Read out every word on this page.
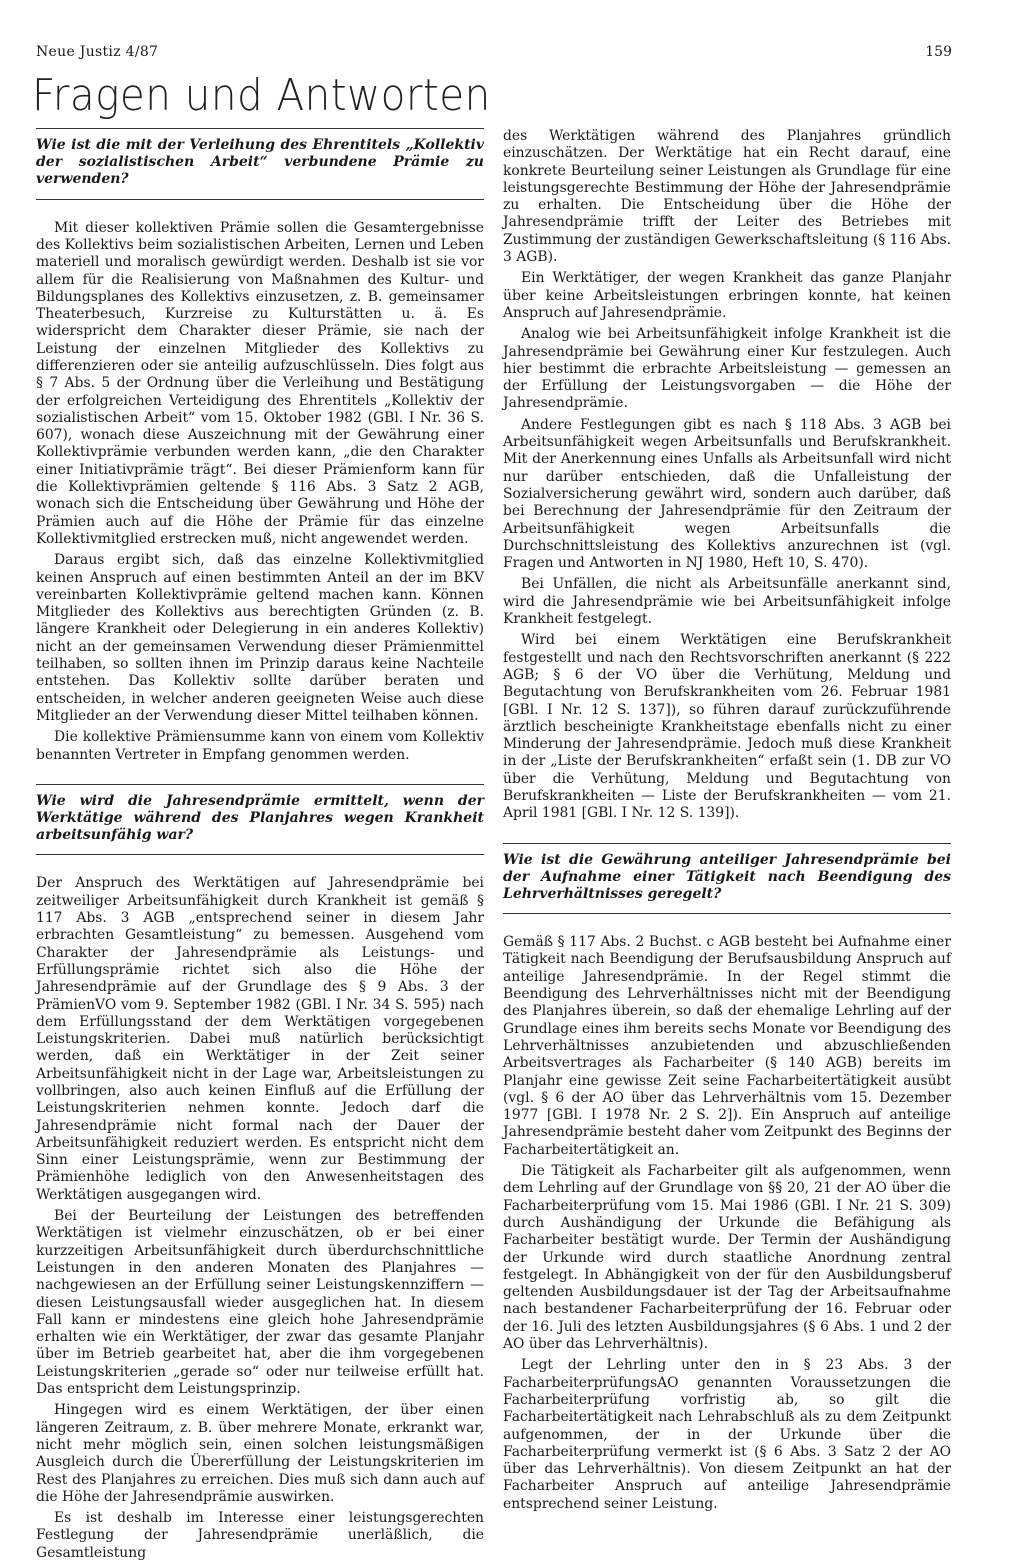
Neue Justiz 4/87	159
Fragen und Antworten
Wie ist die mit der Verleihung des Ehrentitels „Kollektiv der sozialistischen Arbeit“ verbundene Prämie zu verwenden?

Mit dieser kollektiven Prämie sollen die Gesamtergebnisse des Kollektivs beim sozialistischen Arbeiten, Lernen und Leben materiell und moralisch gewürdigt werden. Deshalb ist sie vor allem für die Realisierung von Maßnahmen des Kultur- und Bildungsplanes des Kollektivs einzusetzen, z. B. gemeinsamer Theaterbesuch, Kurzreise zu Kulturstätten u. ä. Es widerspricht dem Charakter dieser Prämie, sie nach der Leistung der einzelnen Mitglieder des Kollektivs zu differenzieren oder sie anteilig aufzuschlüsseln. Dies folgt aus § 7 Abs. 5 der Ordnung über die Verleihung und Bestätigung der erfolgreichen Verteidigung des Ehrentitels „Kollektiv der sozialistischen Arbeit“ vom 15. Oktober 1982 (GBl. I Nr. 36 S. 607), wonach diese Auszeichnung mit der Gewährung einer Kollektivprämie verbunden werden kann, „die den Charakter einer Initiativprämie trägt“. Bei dieser Prämienform kann für die Kollektivprämien geltende § 116 Abs. 3 Satz 2 AGB, wonach sich die Entscheidung über Gewährung und Höhe der Prämien auch auf die Höhe der Prämie für das einzelne Kollektivmitglied erstrecken muß, nicht angewendet werden.

Daraus ergibt sich, daß das einzelne Kollektivmitglied keinen Anspruch auf einen bestimmten Anteil an der im BKV vereinbarten Kollektivprämie geltend machen kann. Können Mitglieder des Kollektivs aus berechtigten Gründen (z. B. längere Krankheit oder Delegierung in ein anderes Kollektiv) nicht an der gemeinsamen Verwendung dieser Prämienmittel teilhaben, so sollten ihnen im Prinzip daraus keine Nachteile entstehen. Das Kollektiv sollte darüber beraten und entscheiden, in welcher anderen geeigneten Weise auch diese Mitglieder an der Verwendung dieser Mittel teilhaben können.

Die kollektive Prämiensumme kann von einem vom Kollektiv benannten Vertreter in Empfang genommen werden.

Wie wird die Jahresendprämie ermittelt, wenn der Werktätige während des Planjahres wegen Krankheit arbeitsunfähig war?

Der Anspruch des Werktätigen auf Jahresendprämie bei zeitweiliger Arbeitsunfähigkeit durch Krankheit ist gemäß § 117 Abs. 3 AGB „entsprechend seiner in diesem Jahr erbrachten Gesamtleistung“ zu bemessen. Ausgehend vom Charakter der Jahresendprämie als Leistungs- und Erfüllungsprämie richtet sich also die Höhe der Jahresendprämie auf der Grundlage des § 9 Abs. 3 der PrämienVO vom 9. September 1982 (GBl. I Nr. 34 S. 595) nach dem Erfüllungsstand der dem Werktätigen vorgegebenen Leistungskriterien. Dabei muß natürlich berücksichtigt werden, daß ein Werktätiger in der Zeit seiner Arbeitsunfähigkeit nicht in der Lage war, Arbeitsleistungen zu vollbringen, also auch keinen Einfluß auf die Erfüllung der Leistungskriterien nehmen konnte. Jedoch darf die Jahresendprämie nicht formal nach der Dauer der Arbeitsunfähigkeit reduziert werden. Es entspricht nicht dem Sinn einer Leistungsprämie, wenn zur Bestimmung der Prämienhöhe lediglich von den Anwesenheitstagen des Werktätigen ausgegangen wird.

Bei der Beurteilung der Leistungen des betreffenden Werktätigen ist vielmehr einzuschätzen, ob er bei einer kurzzeitigen Arbeitsunfähigkeit durch überdurchschnittliche Leistungen in den anderen Monaten des Planjahres — nachgewiesen an der Erfüllung seiner Leistungskennziffern — diesen Leistungsausfall wieder ausgeglichen hat. In diesem Fall kann er mindestens eine gleich hohe Jahresendprämie erhalten wie ein Werktätiger, der zwar das gesamte Planjahr über im Betrieb gearbeitet hat, aber die ihm vorgegebenen Leistungskriterien „gerade so“ oder nur teilweise erfüllt hat. Das entspricht dem Leistungsprinzip.

Hingegen wird es einem Werktätigen, der über einen längeren Zeitraum, z. B. über mehrere Monate, erkrankt war, nicht mehr möglich sein, einen solchen leistungsmäßigen Ausgleich durch die Übererfüllung der Leistungskriterien im Rest des Planjahres zu erreichen. Dies muß sich dann auch auf die Höhe der Jahresendprämie auswirken.

Es ist deshalb im Interesse einer leistungsgerechten Festlegung der Jahresendprämie unerläßlich, die Gesamtleistung

des Werktätigen während des Planjahres gründlich einzuschätzen. Der Werktätige hat ein Recht darauf, eine konkrete Beurteilung seiner Leistungen als Grundlage für eine leistungsgerechte Bestimmung der Höhe der Jahresendprämie zu erhalten. Die Entscheidung über die Höhe der Jahresendprämie trifft der Leiter des Betriebes mit Zustimmung der zuständigen Gewerkschaftsleitung (§ 116 Abs. 3 AGB).

Ein Werktätiger, der wegen Krankheit das ganze Planjahr über keine Arbeitsleistungen erbringen konnte, hat keinen Anspruch auf Jahresendprämie.

Analog wie bei Arbeitsunfähigkeit infolge Krankheit ist die Jahresendprämie bei Gewährung einer Kur festzulegen. Auch hier bestimmt die erbrachte Arbeitsleistung — gemessen an der Erfüllung der Leistungsvorgaben — die Höhe der Jahresendprämie.

Andere Festlegungen gibt es nach § 118 Abs. 3 AGB bei Arbeitsunfähigkeit wegen Arbeitsunfalls und Berufskrankheit. Mit der Anerkennung eines Unfalls als Arbeitsunfall wird nicht nur darüber entschieden, daß die Unfalleistung der Sozialversicherung gewährt wird, sondern auch darüber, daß bei Berechnung der Jahresendprämie für den Zeitraum der Arbeitsunfähigkeit wegen Arbeitsunfalls die Durchschnittsleistung des Kollektivs anzurechnen ist (vgl. Fragen und Antworten in NJ 1980, Heft 10, S. 470).

Bei Unfällen, die nicht als Arbeitsunfälle anerkannt sind, wird die Jahresendprämie wie bei Arbeitsunfähigkeit infolge Krankheit festgelegt.

Wird bei einem Werktätigen eine Berufskrankheit festgestellt und nach den Rechtsvorschriften anerkannt (§ 222 AGB; § 6 der VO über die Verhütung, Meldung und Begutachtung von Berufskrankheiten vom 26. Februar 1981 [GBl. I Nr. 12 S. 137]), so führen darauf zurückzuführende ärztlich bescheinigte Krankheitstage ebenfalls nicht zu einer Minderung der Jahresendprämie. Jedoch muß diese Krankheit in der „Liste der Berufskrankheiten“ erfaßt sein (1. DB zur VO über die Verhütung, Meldung und Begutachtung von Berufskrankheiten — Liste der Berufskrankheiten — vom 21. April 1981 [GBl. I Nr. 12 S. 139]).

Wie ist die Gewährung anteiliger Jahresendprämie bei der Aufnahme einer Tätigkeit nach Beendigung des Lehrverhältnisses geregelt?

Gemäß § 117 Abs. 2 Buchst. c AGB besteht bei Aufnahme einer Tätigkeit nach Beendigung der Berufsausbildung Anspruch auf anteilige Jahresendprämie. In der Regel stimmt die Beendigung des Lehrverhältnisses nicht mit der Beendigung des Planjahres überein, so daß der ehemalige Lehrling auf der Grundlage eines ihm bereits sechs Monate vor Beendigung des Lehrverhältnisses anzubietenden und abzuschließenden Arbeitsvertrages als Facharbeiter (§ 140 AGB) bereits im Planjahr eine gewisse Zeit seine Facharbeitertätigkeit ausübt (vgl. § 6 der AO über das Lehrverhältnis vom 15. Dezember 1977 [GBl. I 1978 Nr. 2 S. 2]). Ein Anspruch auf anteilige Jahresendprämie besteht daher vom Zeitpunkt des Beginns der Facharbeitertätigkeit an.

Die Tätigkeit als Facharbeiter gilt als aufgenommen, wenn dem Lehrling auf der Grundlage von §§ 20, 21 der AO über die Facharbeiterprüfung vom 15. Mai 1986 (GBl. I Nr. 21 S. 309) durch Aushändigung der Urkunde die Befähigung als Facharbeiter bestätigt wurde. Der Termin der Aushändigung der Urkunde wird durch staatliche Anordnung zentral festgelegt. In Abhängigkeit von der für den Ausbildungsberuf geltenden Ausbildungsdauer ist der Tag der Arbeitsaufnahme nach bestandener Facharbeiterprüfung der 16. Februar oder der 16. Juli des letzten Ausbildungsjahres (§ 6 Abs. 1 und 2 der AO über das Lehrverhältnis).

Legt der Lehrling unter den in § 23 Abs. 3 der FacharbeiterprüfungsAO genannten Voraussetzungen die Facharbeiterprüfung vorfristig ab, so gilt die Facharbeitertätigkeit nach Lehrabschluß als zu dem Zeitpunkt aufgenommen, der in der Urkunde über die Facharbeiterprüfung vermerkt ist (§ 6 Abs. 3 Satz 2 der AO über das Lehrverhältnis). Von diesem Zeitpunkt an hat der Facharbeiter Anspruch auf anteilige Jahresendprämie entsprechend seiner Leistung.
